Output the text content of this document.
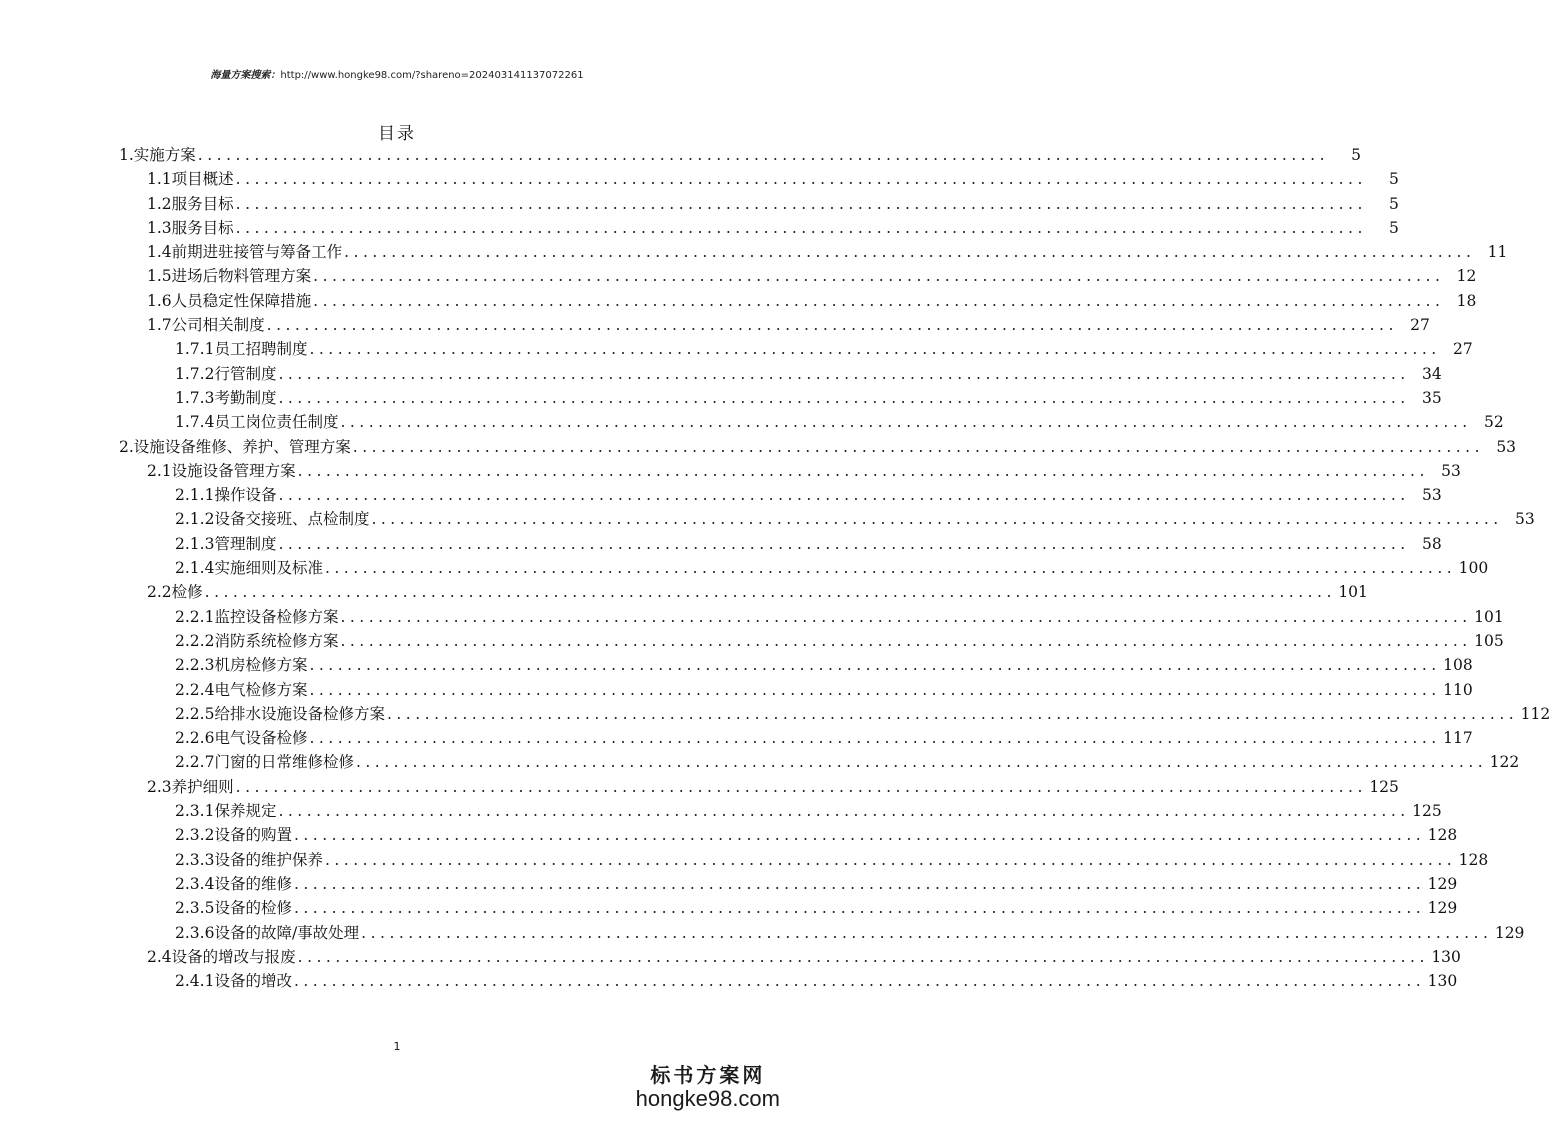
海量方案搜索：http://www.hongke98.com/?shareno=20240314113707226​1
目录
1.实施方案 ........................................................................................................................	5
1.1项目概述 ........................................................................................................................	5
1.2服务目标 ........................................................................................................................	5
1.3服务目标 ........................................................................................................................	5
1.4前期进驻接管与筹备工作 ........................................................................................................................ 11
1.5进场后物料管理方案 ........................................................................................................................ 12
1.6人员稳定性保障措施 ........................................................................................................................ 18
1.7公司相关制度 ........................................................................................................................ 27
1.7.1员工招聘制度 ........................................................................................................................ 27
1.7.2行管制度 ........................................................................................................................ 34
1.7.3考勤制度 ........................................................................................................................ 35
1.7.4员工岗位责任制度 ........................................................................................................................ 52
2.设施设备维修、养护、管理方案 ........................................................................................................................ 53
2.1设施设备管理方案 ........................................................................................................................ 53
2.1.1操作设备 ........................................................................................................................ 53
2.1.2设备交接班、点检制度 ........................................................................................................................ 53
2.1.3管理制度 ........................................................................................................................ 58
2.1.4实施细则及标准 ........................................................................................................................ 100
2.2检修 ........................................................................................................................ 101
2.2.1监控设备检修方案 ........................................................................................................................ 101
2.2.2消防系统检修方案 ........................................................................................................................ 105
2.2.3机房检修方案 ........................................................................................................................ 108
2.2.4电气检修方案 ........................................................................................................................ 110
2.2.5给排水设施设备检修方案 ........................................................................................................................ 112
2.2.6电气设备检修 ........................................................................................................................ 117
2.2.7门窗的日常维修检修 ........................................................................................................................ 122
2.3养护细则 ........................................................................................................................ 125
2.3.1保养规定 ........................................................................................................................ 125
2.3.2设备的购置 ........................................................................................................................ 128
2.3.3设备的维护保养 ........................................................................................................................ 128
2.3.4设备的维修 ........................................................................................................................ 129
2.3.5设备的检修 ........................................................................................................................ 129
2.3.6设备的故障/事故处理 ........................................................................................................................ 129
2.4设备的增改与报废 ........................................................................................................................ 130
2.4.1设备的增改 ........................................................................................................................ 130
1
标书方案网
hongke98.com
